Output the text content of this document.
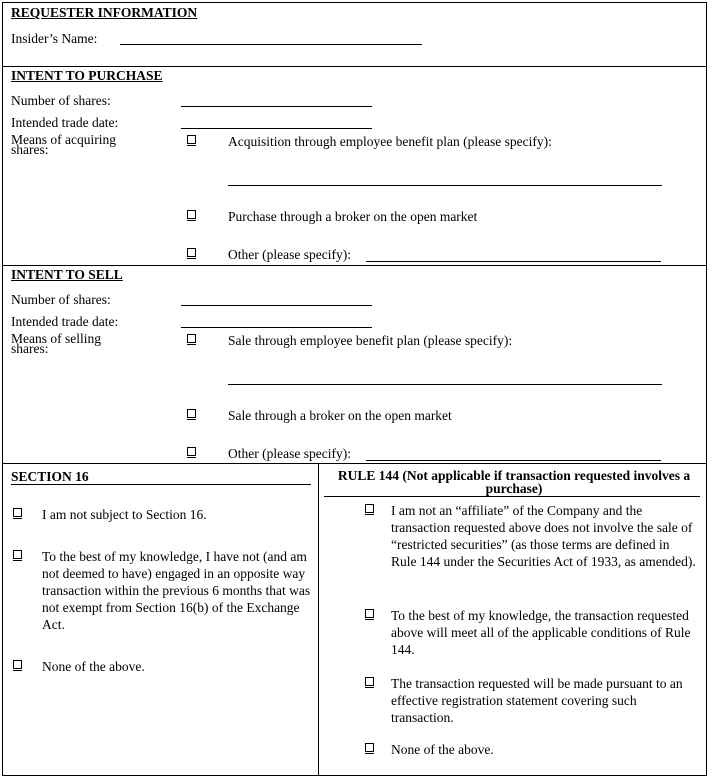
REQUESTER INFORMATION
Insider’s Name:
INTENT TO PURCHASE
Number of shares:
Intended trade date:
Means of acquiring shares:
Acquisition through employee benefit plan (please specify):
Purchase through a broker on the open market
Other (please specify):
INTENT TO SELL
Number of shares:
Intended trade date:
Means of selling shares:
Sale through employee benefit plan (please specify):
Sale through a broker on the open market
Other (please specify):
SECTION 16
I am not subject to Section 16.
To the best of my knowledge, I have not (and am not deemed to have) engaged in an opposite way transaction within the previous 6 months that was not exempt from Section 16(b) of the Exchange Act.
None of the above.
RULE 144 (Not applicable if transaction requested involves a purchase)
I am not an “affiliate” of the Company and the transaction requested above does not involve the sale of “restricted securities” (as those terms are defined in Rule 144 under the Securities Act of 1933, as amended).
To the best of my knowledge, the transaction requested above will meet all of the applicable conditions of Rule 144.
The transaction requested will be made pursuant to an effective registration statement covering such transaction.
None of the above.
